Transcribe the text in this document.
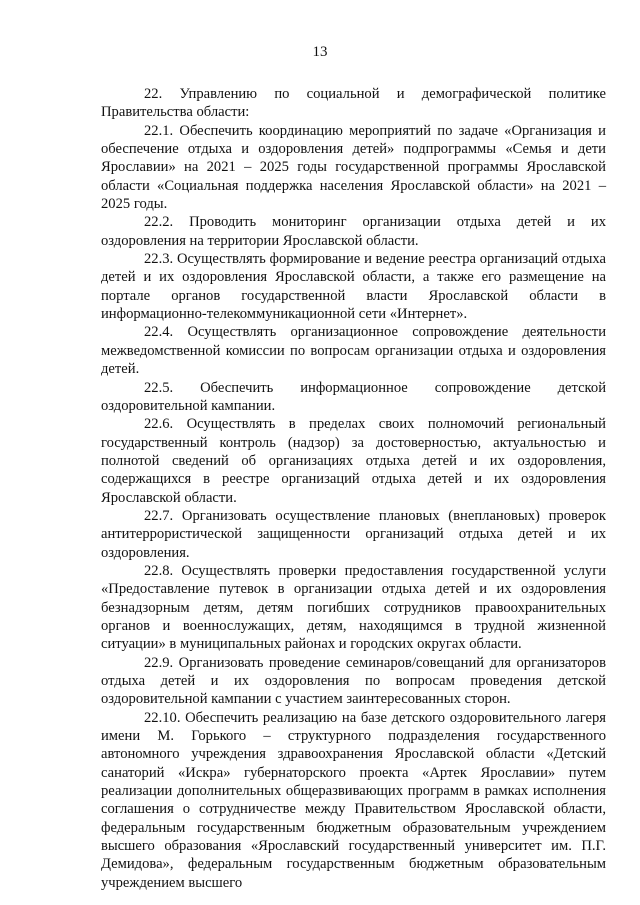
13

22. Управлению по социальной и демографической политике Правительства области:

22.1. Обеспечить координацию мероприятий по задаче «Организация и обеспечение отдыха и оздоровления детей» подпрограммы «Семья и дети Ярославии» на 2021 – 2025 годы государственной программы Ярославской области «Социальная поддержка населения Ярославской области» на 2021 – 2025 годы.

22.2. Проводить мониторинг организации отдыха детей и их оздоровления на территории Ярославской области.

22.3. Осуществлять формирование и ведение реестра организаций отдыха детей и их оздоровления Ярославской области, а также его размещение на портале органов государственной власти Ярославской области в информационно-телекоммуникационной сети «Интернет».

22.4. Осуществлять организационное сопровождение деятельности межведомственной комиссии по вопросам организации отдыха и оздоровления детей.

22.5. Обеспечить информационное сопровождение детской оздоровительной кампании.

22.6. Осуществлять в пределах своих полномочий региональный государственный контроль (надзор) за достоверностью, актуальностью и полнотой сведений об организациях отдыха детей и их оздоровления, содержащихся в реестре организаций отдыха детей и их оздоровления Ярославской области.

22.7. Организовать осуществление плановых (внеплановых) проверок антитеррористической защищенности организаций отдыха детей и их оздоровления.

22.8. Осуществлять проверки предоставления государственной услуги «Предоставление путевок в организации отдыха детей и их оздоровления безнадзорным детям, детям погибших сотрудников правоохранительных органов и военнослужащих, детям, находящимся в трудной жизненной ситуации» в муниципальных районах и городских округах области.

22.9. Организовать проведение семинаров/совещаний для организаторов отдыха детей и их оздоровления по вопросам проведения детской оздоровительной кампании с участием заинтересованных сторон.

22.10. Обеспечить реализацию на базе детского оздоровительного лагеря имени М. Горького – структурного подразделения государственного автономного учреждения здравоохранения Ярославской области «Детский санаторий «Искра» губернаторского проекта «Артек Ярославии» путем реализации дополнительных общеразвивающих программ в рамках исполнения соглашения о сотрудничестве между Правительством Ярославской области, федеральным государственным бюджетным образовательным учреждением высшего образования «Ярославский государственный университет им. П.Г. Демидова», федеральным государственным бюджетным образовательным учреждением высшего
